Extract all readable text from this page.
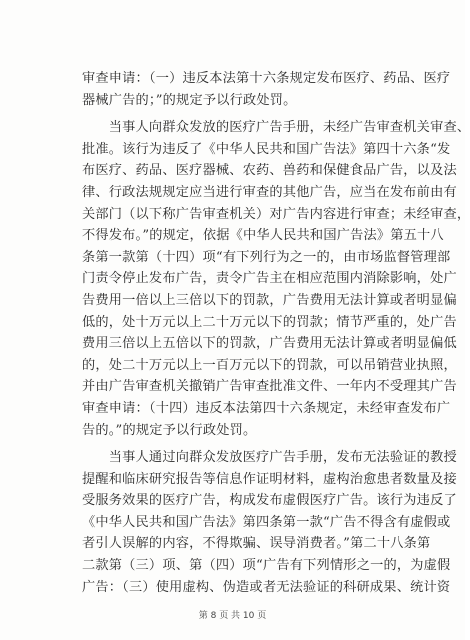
审查申请：（一）违反本法第十六条规定发布医疗、药品、医疗
器械广告的；”的规定予以行政处罚。
　　当事人向群众发放的医疗广告手册，未经广告审查机关审查、
批准。该行为违反了《中华人民共和国广告法》第四十六条“发
布医疗、药品、医疗器械、农药、兽药和保健食品广告，以及法
律、行政法规规定应当进行审查的其他广告，应当在发布前由有
关部门（以下称广告审查机关）对广告内容进行审查；未经审查，
不得发布。”的规定，依据《中华人民共和国广告法》第五十八
条第一款第（十四）项“有下列行为之一的，由市场监督管理部
门责令停止发布广告，责令广告主在相应范围内消除影响，处广
告费用一倍以上三倍以下的罚款，广告费用无法计算或者明显偏
低的，处十万元以上二十万元以下的罚款；情节严重的，处广告
费用三倍以上五倍以下的罚款，广告费用无法计算或者明显偏低
的，处二十万元以上一百万元以下的罚款，可以吊销营业执照，
并由广告审查机关撤销广告审查批准文件、一年内不受理其广告
审查申请：（十四）违反本法第四十六条规定，未经审查发布广
告的。”的规定予以行政处罚。
　　当事人通过向群众发放医疗广告手册，发布无法验证的教授
提醒和临床研究报告等信息作证明材料，虚构治愈患者数量及接
受服务效果的医疗广告，构成发布虚假医疗广告。该行为违反了
《中华人民共和国广告法》第四条第一款“广告不得含有虚假或
者引人误解的内容，不得欺骗、误导消费者。”第二十八条第
二款第（三）项、第（四）项“广告有下列情形之一的，为虚假
广告：（三）使用虚构、伪造或者无法验证的科研成果、统计资
第 8 页 共 10 页
